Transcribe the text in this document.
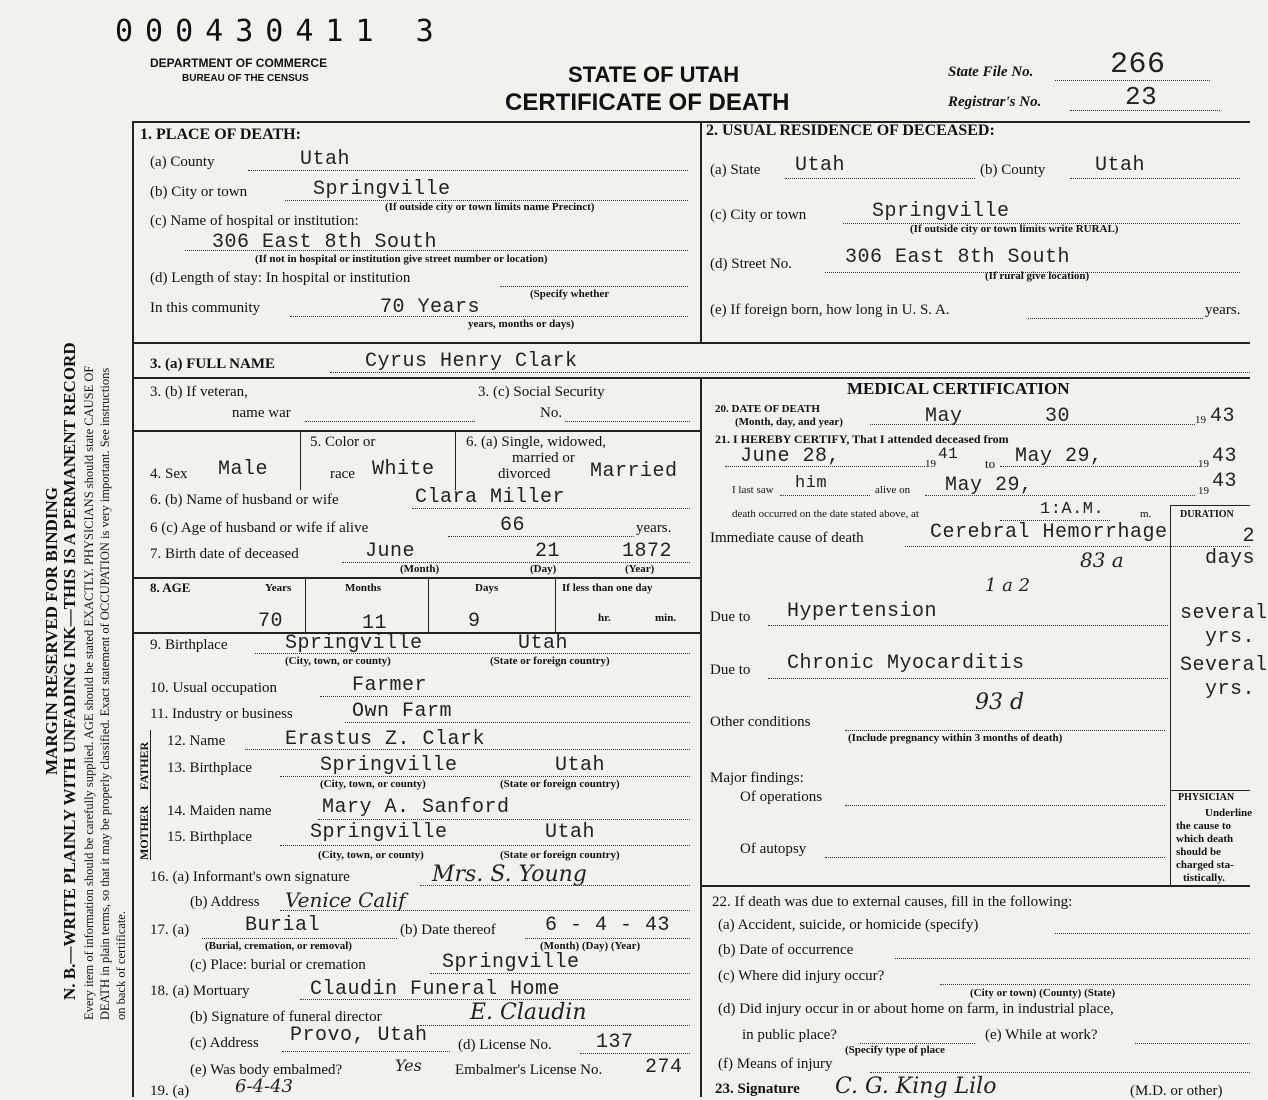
MARGIN RESERVED FOR BINDING N. B.—WRITE PLAINLY WITH UNFADING INK—THIS IS A PERMANENT RECORD Every item of information should be carefully supplied. AGE should be stated EXACTLY. PHYSICIANS should state CAUSE OF DEATH in plain terms, so that it may be properly classified. Exact statement of OCCUPATION is very important. See instructions on back of certificate.
000430411 3
DEPARTMENT OF COMMERCE
BUREAU OF THE CENSUS	STATE OF UTAH
CERTIFICATE OF DEATH
State File No.	266
Registrar's No.	23
1. PLACE OF DEATH:
(a) County	Utah
(b) City or town	Springville
(If outside city or town limits name Precinct)
(c) Name of hospital or institution:
306 East 8th South
(If not in hospital or institution give street number or location)
(d) Length of stay: In hospital or institution
(Specify whether
In this community	70 Years
years, months or days)
2. USUAL RESIDENCE OF DECEASED:
(a) State Utah	(b) County Utah
(c) City or town	Springville
(If outside city or town limits write RURAL)
(d) Street No.	306 East 8th South
(If rural give location)
(e) If foreign born, how long in U. S. A.	years.
3. (a) FULL NAME	Cyrus Henry Clark
3. (b) If veteran,
name war
3. (c) Social Security
No.
4. Sex Male
5. Color or
race White
6. (a) Single, widowed,
married or
divorced Married
6. (b) Name of husband or wife	Clara Miller
6 (c) Age of husband or wife if alive	66	years.
7. Birth date of deceased	June	21	1872
(Month)	(Day)	(Year)
8. AGE	Years	Months	Days	If less than one day
70	11	9	hr.	min.
9. Birthplace	Springville	Utah
(City, town, or county)	(State or foreign country)
10. Usual occupation	Farmer
11. Industry or business	Own Farm
FATHER
MOTHER
12. Name	Erastus Z. Clark
13. Birthplace	Springville	Utah
(City, town, or county)	(State or foreign country)
14. Maiden name	Mary A. Sanford
15. Birthplace	Springville	Utah
(City, town, or county)	(State or foreign country)
16. (a) Informant's own signature	Mrs. S. Young
(b) Address Venice Calif
17. (a)	Burial
(Burial, cremation, or removal)
(b) Date thereof 6 - 4 - 43
(Month) (Day) (Year)
(c) Place: burial or cremation	Springville
18. (a) Mortuary	Claudin Funeral Home
(b) Signature of funeral director	E. Claudin
(c) Address Provo, Utah (d) License No. 137
(e) Was body embalmed?	Yes Embalmer's License No. 274
19. (a)	6-4-43
MEDICAL CERTIFICATION
20. DATE OF DEATH
(Month, day, and year)	May	30	19 43
21. I HEREBY CERTIFY, That I attended deceased from
June 28,	19
41
to May 29,	19 43
I last saw him	alive on May 29,	19 43
death occurred on the date stated above, at	1:A.M.	m.	DURATION
Immediate cause of death	Cerebral Hemorrhage	2 days
83 a
1 a 2
Due to Hypertension	several yrs.
Due to Chronic Myocarditis	Several yrs.
93 d
Other conditions
(Include pregnancy within 3 months of death)
Major findings:
Of operations
Of autopsy
PHYSICIAN
Underline
the cause to
which death
should be
charged sta-
tistically.
22. If death was due to external causes, fill in the following:
(a) Accident, suicide, or homicide (specify)
(b) Date of occurrence
(c) Where did injury occur?
(City or town) (County) (State)
(d) Did injury occur in or about home on farm, in industrial place,
in public place?
(Specify type of place
(e) While at work?
(f) Means of injury
23. Signature C. G. King Lilo	(M.D. or other)
